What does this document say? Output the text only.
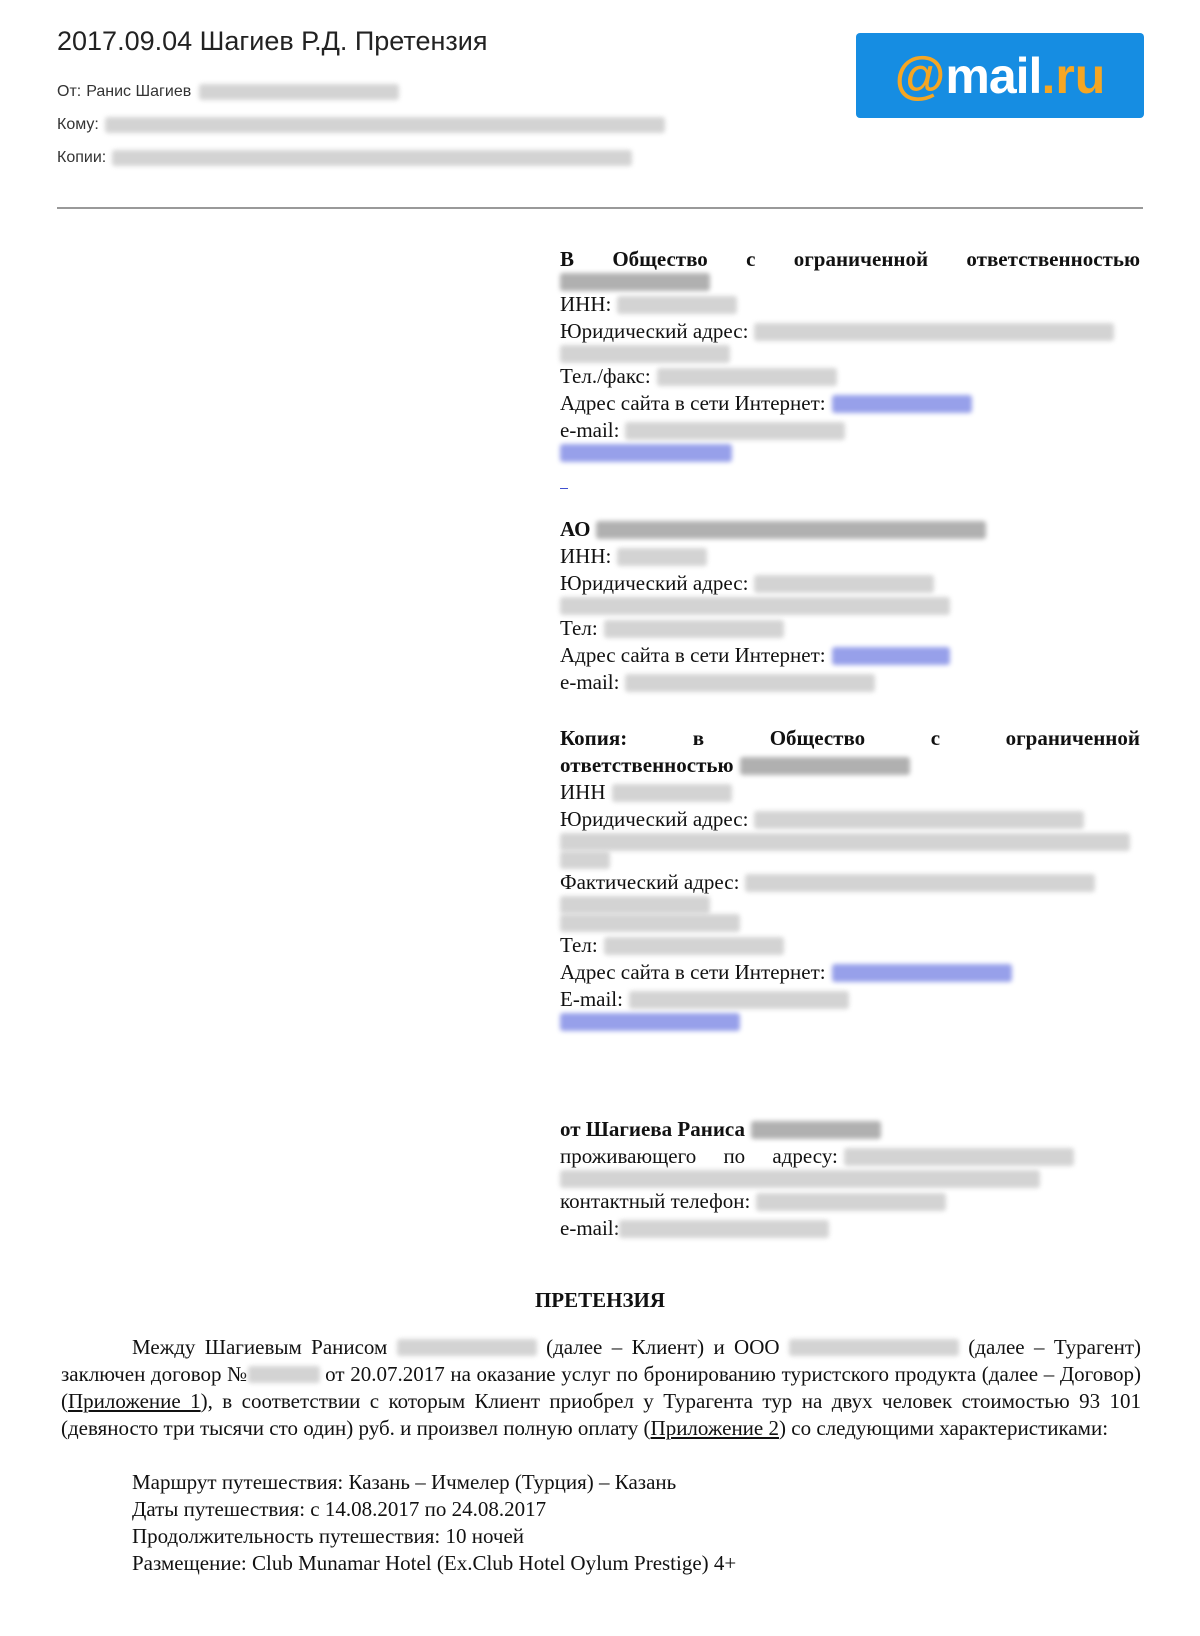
2017.09.04 Шагиев Р.Д. Претензия
@ mail . ru
От: Ранис Шагиев
Кому:
Копии:
В Общество с ограниченной ответственностью
ИНН:
Юридический адрес:
Тел./факс:
Адрес сайта в сети Интернет:
e-mail:
АО
ИНН:
Юридический адрес:
Тел:
Адрес сайта в сети Интернет:
e-mail:
Копия: в Общество с ограниченной
ответственностью
ИНН
Юридический адрес:
Фактический адрес:
Тел:
Адрес сайта в сети Интернет:
E-mail:
от Шагиева Раниса
проживающего по адресу:
контактный телефон:
e-mail:
ПРЕТЕНЗИЯ
Между Шагиевым Ранисом	(далее – Клиент) и ООО	(далее – Турагент) заключен договор №	от 20.07.2017 на оказание услуг по бронированию туристского продукта (далее – Договор) (Приложение 1), в соответствии с которым Клиент приобрел у Турагента тур на двух человек стоимостью 93 101 (девяносто три тысячи сто один) руб. и произвел полную оплату (Приложение 2) со следующими характеристиками:
Маршрут путешествия: Казань – Ичмелер (Турция) – Казань
Даты путешествия: с 14.08.2017 по 24.08.2017
Продолжительность путешествия: 10 ночей
Размещение: Club Munamar Hotel (Ex.Club Hotel Oylum Prestige) 4+
